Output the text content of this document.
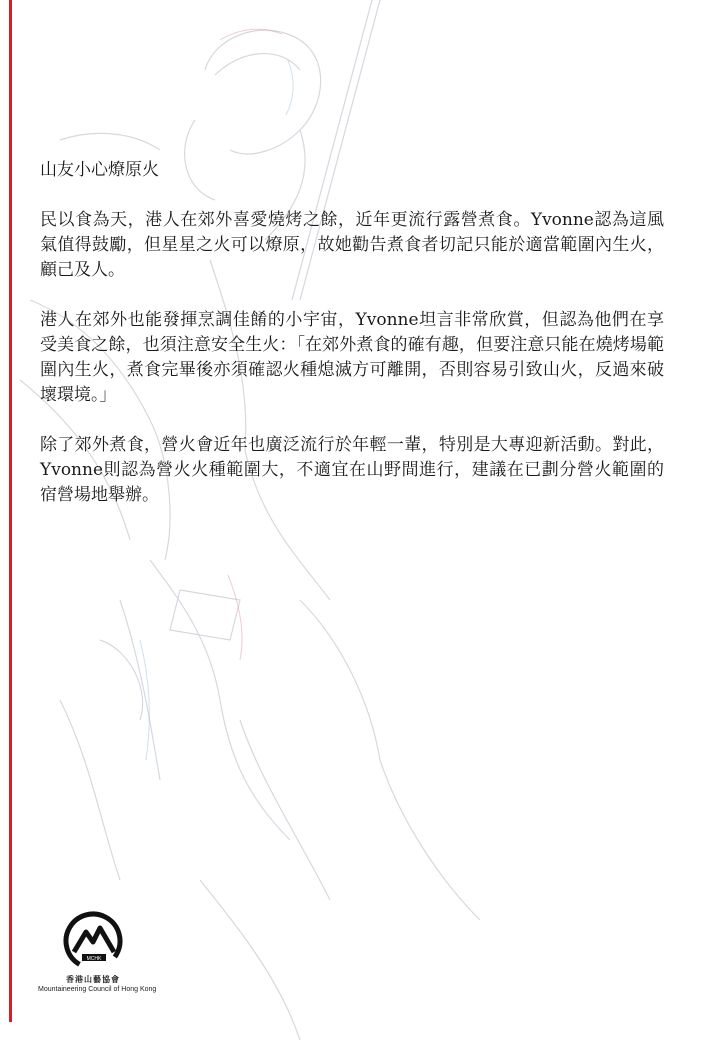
山友小心燎原火

民以食為天，港人在郊外喜愛燒烤之餘，近年更流行露營煮食。Yvonne認為這風氣值得鼓勵，但星星之火可以燎原，故她勸告煮食者切記只能於適當範圍內生火，顧己及人。

港人在郊外也能發揮烹調佳餚的小宇宙，Yvonne坦言非常欣賞，但認為他們在享受美食之餘，也須注意安全生火：「在郊外煮食的確有趣，但要注意只能在燒烤場範圍內生火，煮食完畢後亦須確認火種熄滅方可離開，否則容易引致山火，反過來破壞環境。」

除了郊外煮食，營火會近年也廣泛流行於年輕一輩，特別是大專迎新活動。對此，Yvonne則認為營火火種範圍大，不適宜在山野間進行，建議在已劃分營火範圍的宿營場地舉辦。

MCHK
香港山藝協會
Mountaineering Council of Hong Kong
